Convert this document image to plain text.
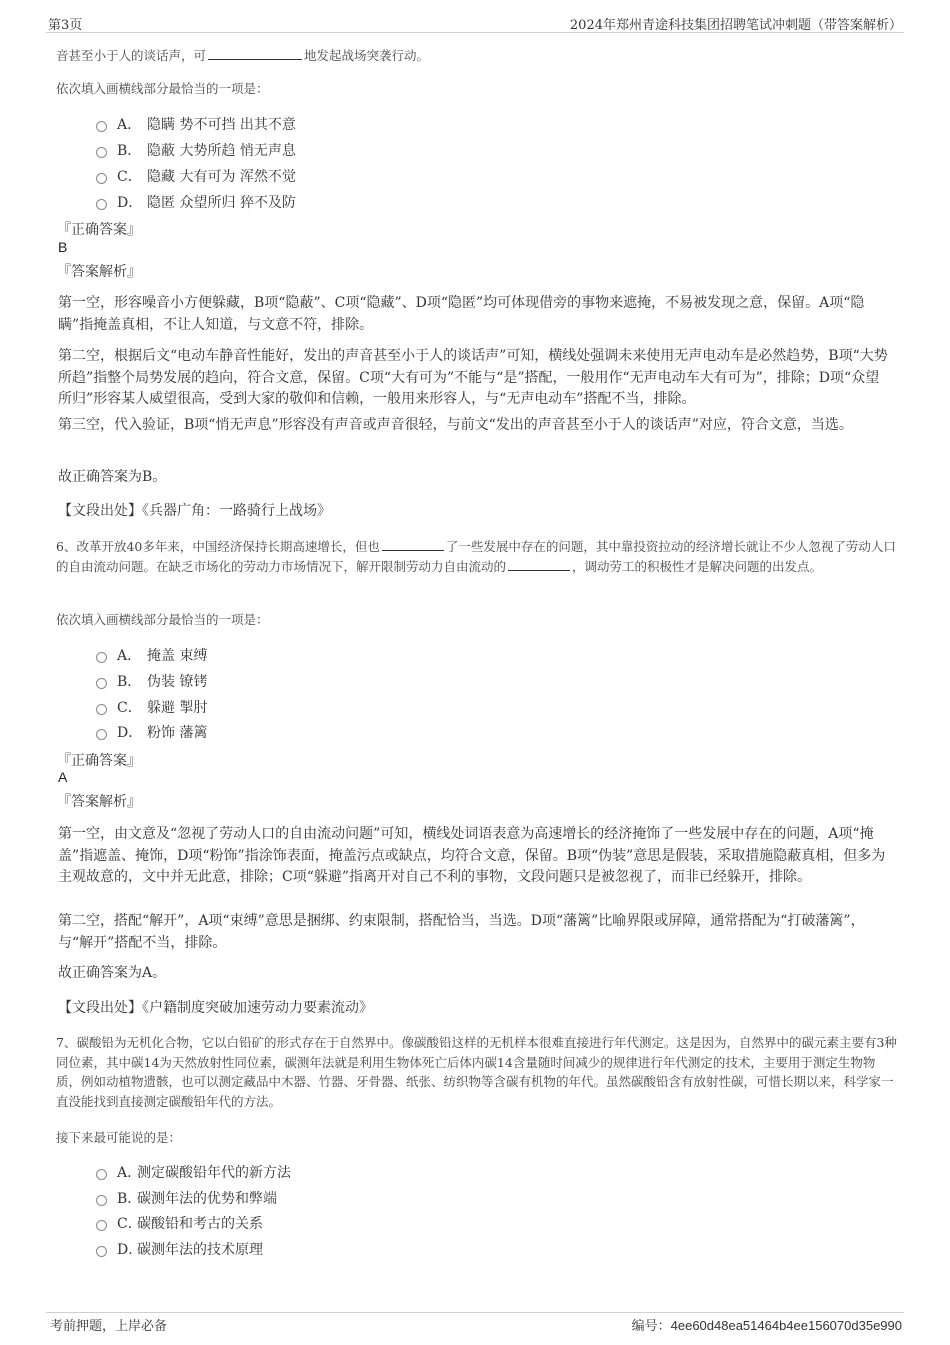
第3页	2024年郑州青途科技集团招聘笔试冲刺题（带答案解析）
音甚至小于人的谈话声，可	地发起战场突袭行动。
依次填入画横线部分最恰当的一项是：
A． 隐瞒 势不可挡 出其不意
B． 隐蔽 大势所趋 悄无声息
C． 隐藏 大有可为 浑然不觉
D． 隐匿 众望所归 猝不及防
『正确答案』
B
『答案解析』
第一空，形容噪音小方便躲藏，B项“隐蔽”、C项“隐藏”、D项“隐匿”均可体现借旁的事物来遮掩，不易被发现之意，保留。A项“隐瞒”指掩盖真相，不让人知道，与文意不符，排除。
第二空，根据后文“电动车静音性能好，发出的声音甚至小于人的谈话声”可知，横线处强调未来使用无声电动车是必然趋势，B项“大势所趋”指整个局势发展的趋向，符合文意，保留。C项“大有可为”不能与“是”搭配，一般用作“无声电动车大有可为”，排除；D项“众望所归”形容某人威望很高，受到大家的敬仰和信赖，一般用来形容人，与“无声电动车”搭配不当，排除。
第三空，代入验证，B项“悄无声息”形容没有声音或声音很轻，与前文“发出的声音甚至小于人的谈话声”对应，符合文意，当选。
故正确答案为B。
【文段出处】《兵器广角：一路骑行上战场》
6、改革开放40多年来，中国经济保持长期高速增长，但也	了一些发展中存在的问题，其中靠投资拉动的经济增长就让不少人忽视了劳动人口的自由流动问题。在缺乏市场化的劳动力市场情况下，解开限制劳动力自由流动的	，调动劳工的积极性才是解决问题的出发点。
依次填入画横线部分最恰当的一项是：
A． 掩盖 束缚
B． 伪装 镣铐
C． 躲避 掣肘
D． 粉饰 藩篱
『正确答案』
A
『答案解析』
第一空，由文意及“忽视了劳动人口的自由流动问题”可知，横线处词语表意为高速增长的经济掩饰了一些发展中存在的问题，A项“掩盖”指遮盖、掩饰，D项“粉饰”指涂饰表面，掩盖污点或缺点，均符合文意，保留。B项“伪装”意思是假装，采取措施隐蔽真相，但多为主观故意的，文中并无此意，排除；C项“躲避”指离开对自己不利的事物，文段问题只是被忽视了，而非已经躲开，排除。
第二空，搭配“解开”，A项“束缚”意思是捆绑、约束限制，搭配恰当，当选。D项“藩篱”比喻界限或屏障，通常搭配为“打破藩篱”，与“解开”搭配不当，排除。
故正确答案为A。
【文段出处】《户籍制度突破加速劳动力要素流动》
7、碳酸铅为无机化合物，它以白铅矿的形式存在于自然界中。像碳酸铅这样的无机样本很难直接进行年代测定。这是因为，自然界中的碳元素主要有3种同位素，其中碳14为天然放射性同位素，碳测年法就是利用生物体死亡后体内碳14含量随时间减少的规律进行年代测定的技术，主要用于测定生物物质，例如动植物遗骸，也可以测定藏品中木器、竹器、牙骨器、纸张、纺织物等含碳有机物的年代。虽然碳酸铅含有放射性碳，可惜长期以来，科学家一直没能找到直接测定碳酸铅年代的方法。
接下来最可能说的是：
A．
测定碳酸铅年代的新方法
B．
碳测年法的优势和弊端
C．
碳酸铅和考古的关系
D．
碳测年法的技术原理
考前押题，上岸必备	编号：4ee60d48ea51464b4ee156070d35e990
